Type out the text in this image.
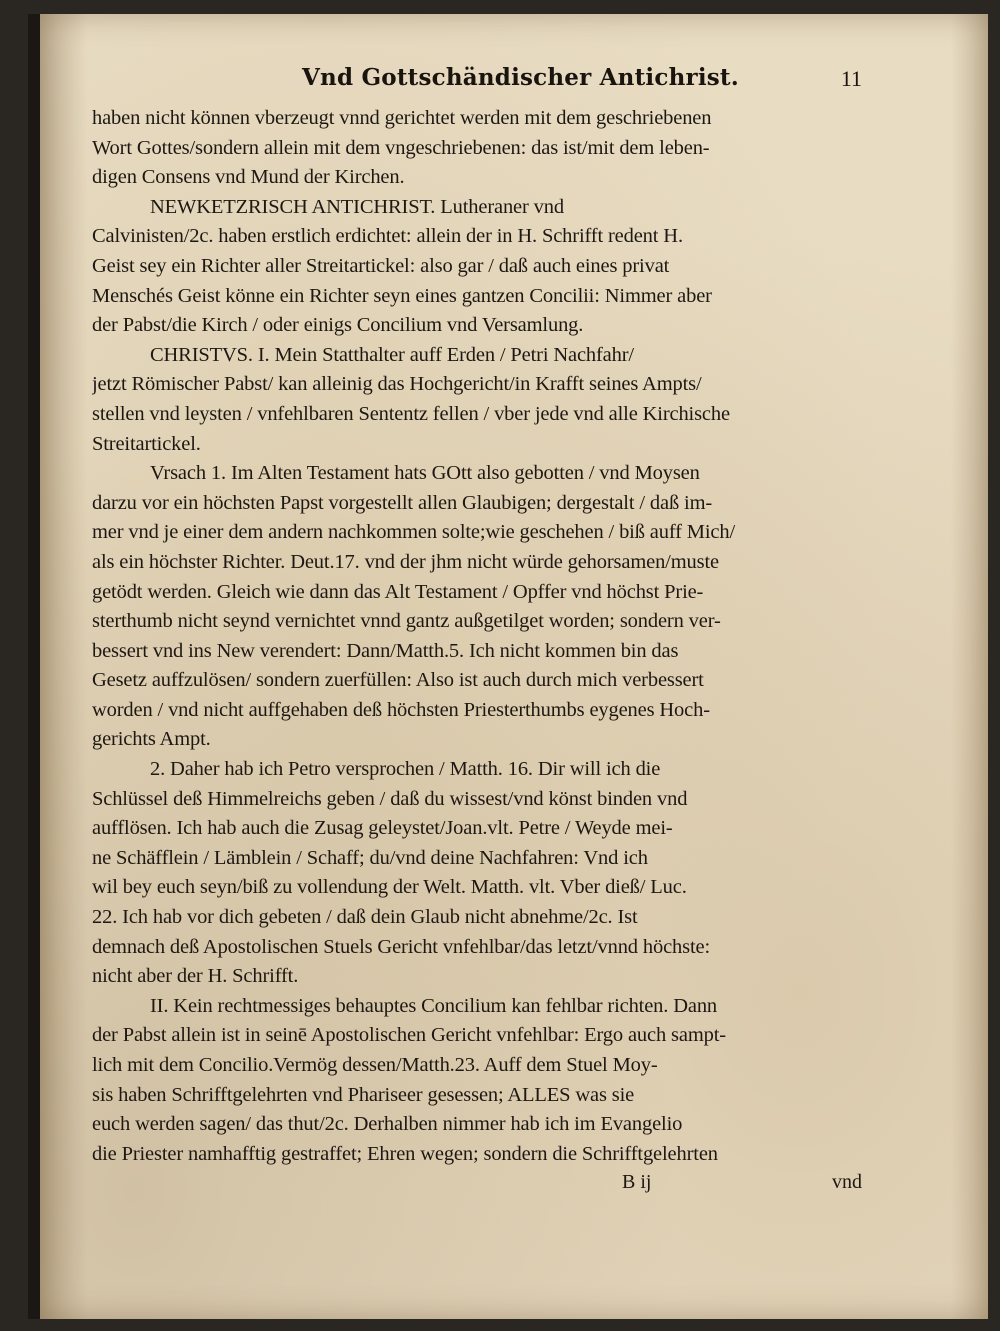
Vnd Gottschändischer Antichrist.	11
haben nicht können vberzeugt vnnd gerichtet werden mit dem geschriebenen
Wort Gottes/sondern allein mit dem vngeschriebenen: das ist/mit dem leben-
digen Consens vnd Mund der Kirchen.
NEWKETZRISCH ANTICHRIST. Lutheraner vnd
Calvinisten/2c. haben erstlich erdichtet: allein der in H. Schrifft redent H.
Geist sey ein Richter aller Streitartickel: also gar / daß auch eines privat
Menschés Geist könne ein Richter seyn eines gantzen Concilii: Nimmer aber
der Pabst/die Kirch / oder einigs Concilium vnd Versamlung.
CHRISTVS. I. Mein Statthalter auff Erden / Petri Nachfahr/
jetzt Römischer Pabst/ kan alleinig das Hochgericht/in Krafft seines Ampts/
stellen vnd leysten / vnfehlbaren Sententz fellen / vber jede vnd alle Kirchische
Streitartickel.
Vrsach 1. Im Alten Testament hats GOtt also gebotten / vnd Moysen
darzu vor ein höchsten Papst vorgestellt allen Glaubigen; dergestalt / daß im-
mer vnd je einer dem andern nachkommen solte;wie geschehen / biß auff Mich/
als ein höchster Richter. Deut.17. vnd der jhm nicht würde gehorsamen/muste
getödt werden. Gleich wie dann das Alt Testament / Opffer vnd höchst Prie-
sterthumb nicht seynd vernichtet vnnd gantz außgetilget worden; sondern ver-
bessert vnd ins New verendert: Dann/Matth.5. Ich nicht kommen bin das
Gesetz auffzulösen/ sondern zuerfüllen: Also ist auch durch mich verbessert
worden / vnd nicht auffgehaben deß höchsten Priesterthumbs eygenes Hoch-
gerichts Ampt.
2. Daher hab ich Petro versprochen / Matth. 16. Dir will ich die
Schlüssel deß Himmelreichs geben / daß du wissest/vnd könst binden vnd
aufflösen. Ich hab auch die Zusag geleystet/Joan.vlt. Petre / Weyde mei-
ne Schäfflein / Lämblein / Schaff; du/vnd deine Nachfahren: Vnd ich
wil bey euch seyn/biß zu vollendung der Welt. Matth. vlt. Vber dieß/ Luc.
22. Ich hab vor dich gebeten / daß dein Glaub nicht abnehme/2c. Ist
demnach deß Apostolischen Stuels Gericht vnfehlbar/das letzt/vnnd höchste:
nicht aber der H. Schrifft.
II. Kein rechtmessiges behauptes Concilium kan fehlbar richten. Dann
der Pabst allein ist in seinē Apostolischen Gericht vnfehlbar: Ergo auch sampt-
lich mit dem Concilio.Vermög dessen/Matth.23. Auff dem Stuel Moy-
sis haben Schrifftgelehrten vnd Phariseer gesessen; ALLES was sie
euch werden sagen/ das thut/2c. Derhalben nimmer hab ich im Evangelio
die Priester namhafftig gestraffet; Ehren wegen; sondern die Schrifftgelehrten
B ij	vnd
